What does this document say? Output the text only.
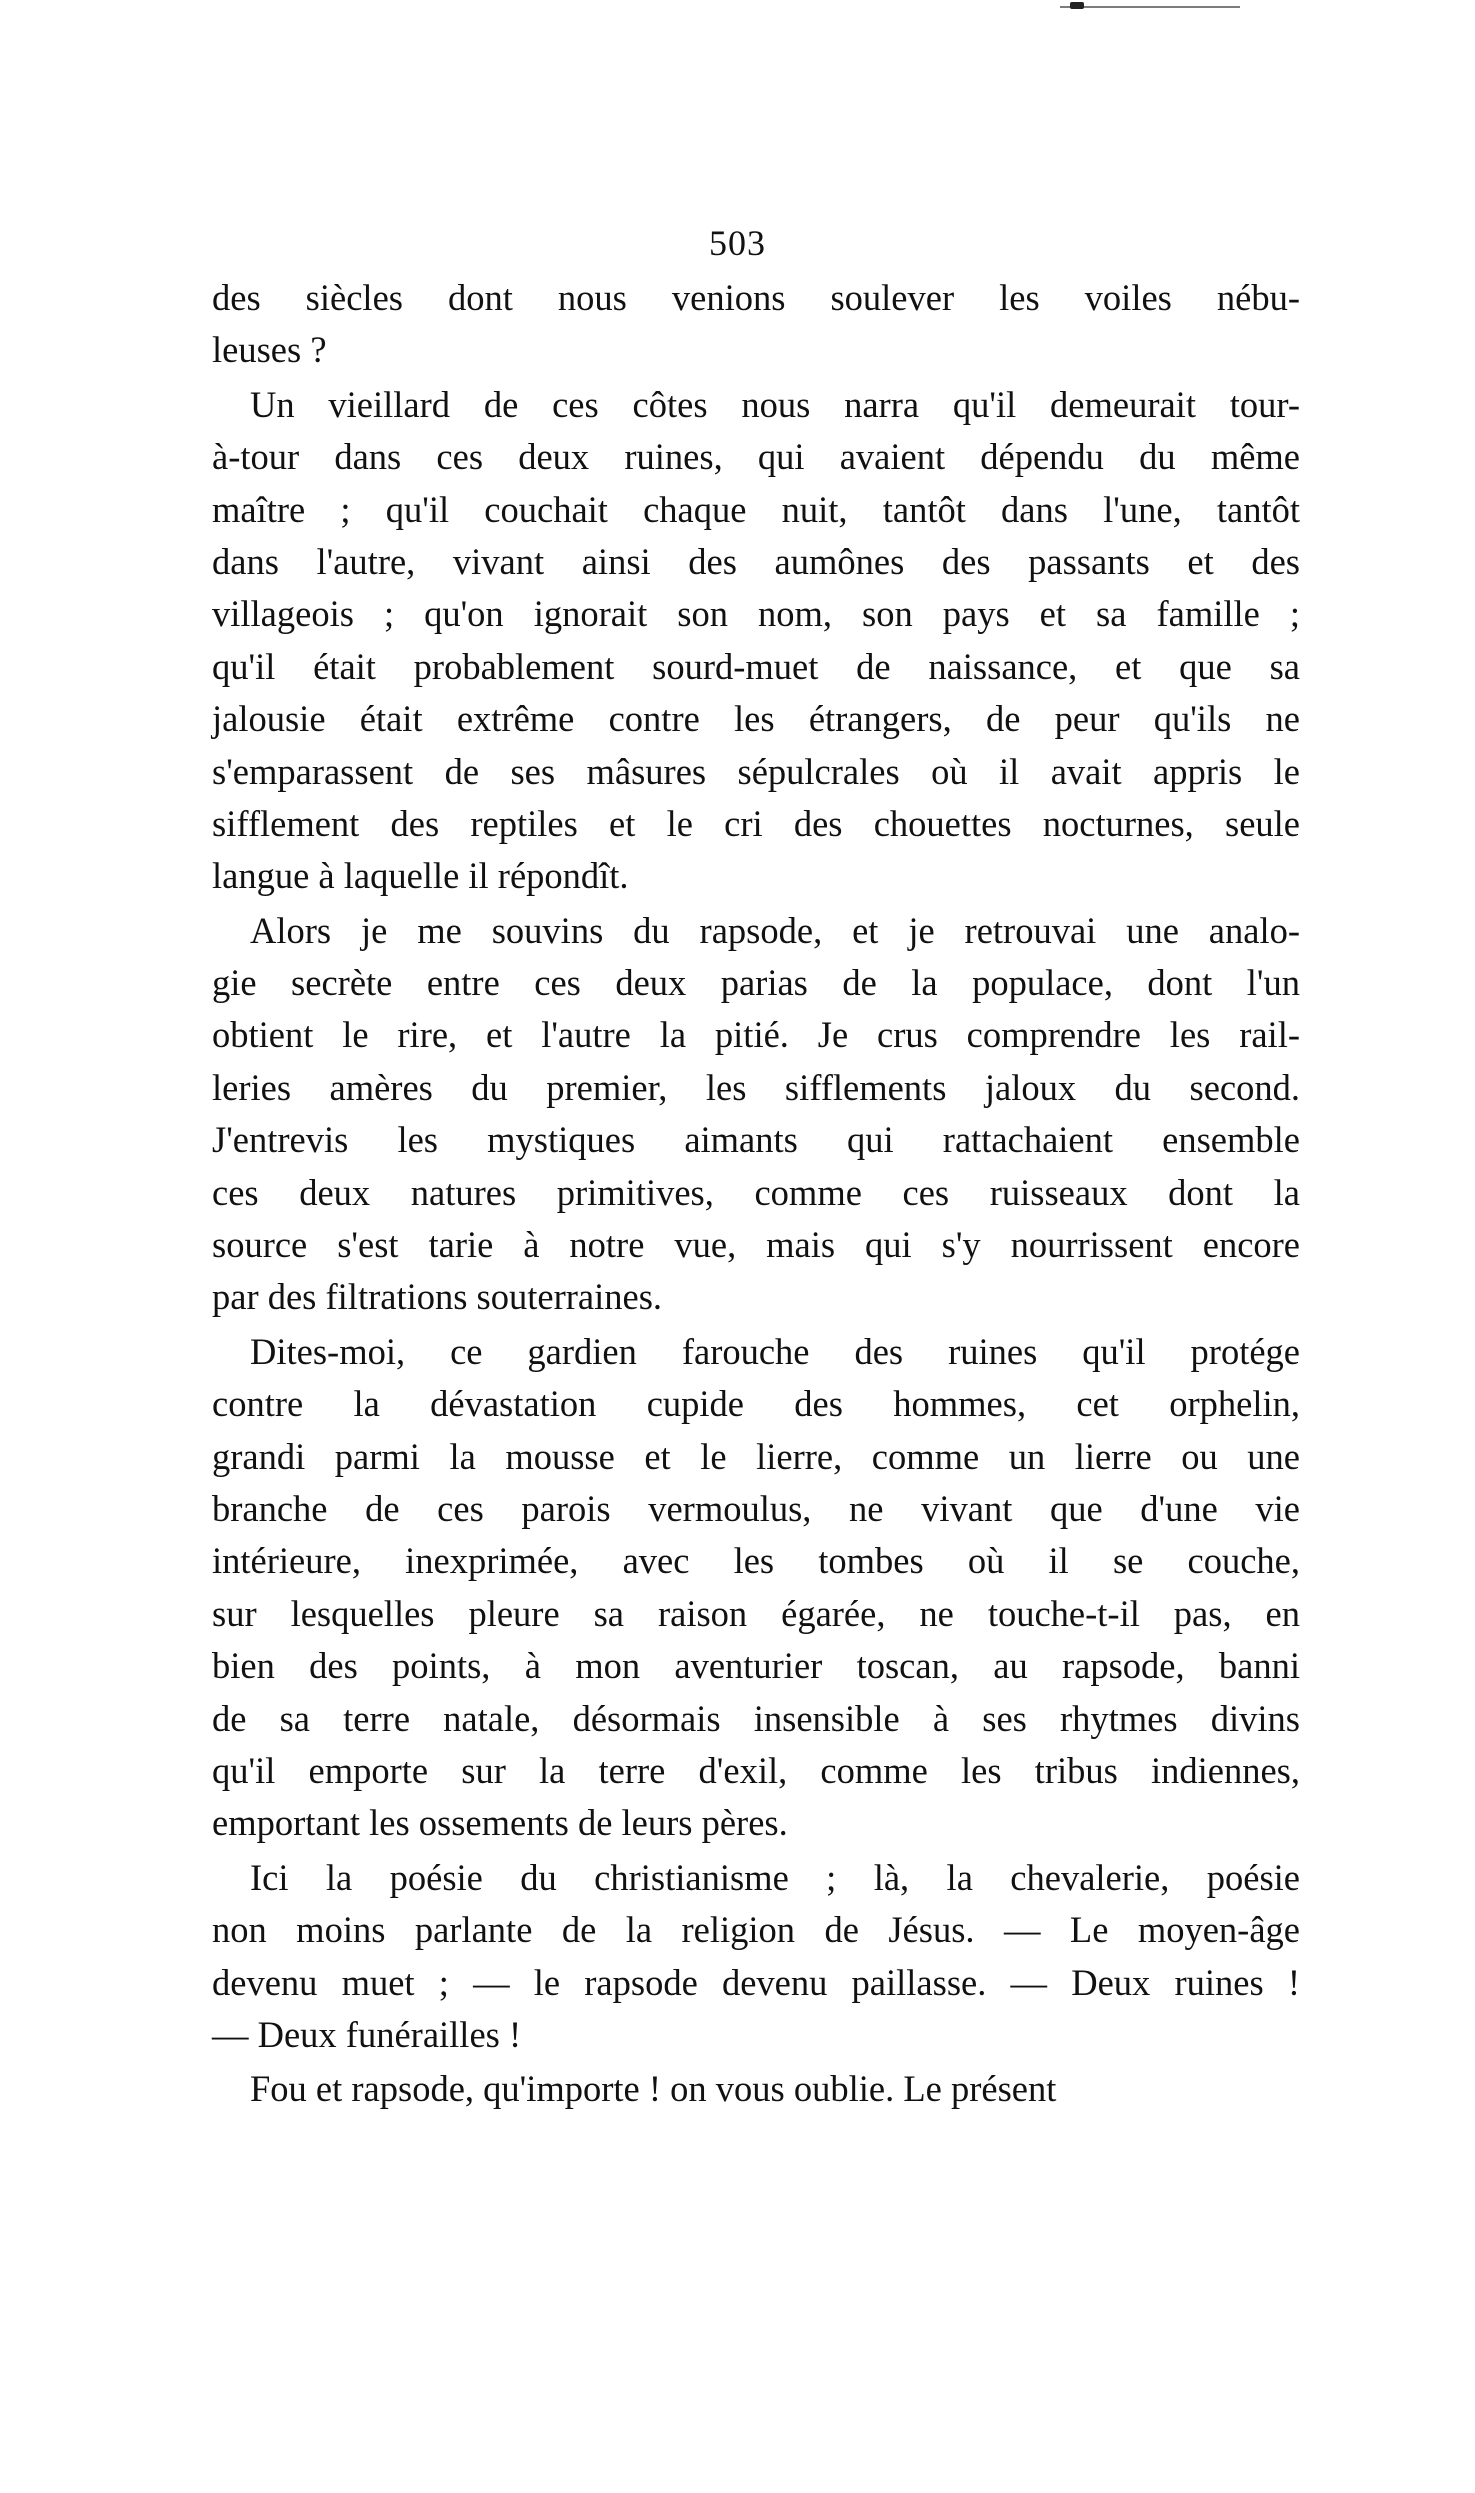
503
des siècles dont nous venions soulever les voiles nébu-
leuses ?
Un vieillard de ces côtes nous narra qu'il demeurait tour-
à-tour dans ces deux ruines, qui avaient dépendu du même
maître ; qu'il couchait chaque nuit, tantôt dans l'une, tantôt
dans l'autre, vivant ainsi des aumônes des passants et des
villageois ; qu'on ignorait son nom, son pays et sa famille ;
qu'il était probablement sourd-muet de naissance, et que sa
jalousie était extrême contre les étrangers, de peur qu'ils ne
s'emparassent de ses mâsures sépulcrales où il avait appris le
sifflement des reptiles et le cri des chouettes nocturnes, seule
langue à laquelle il répondît.
Alors je me souvins du rapsode, et je retrouvai une analo-
gie secrète entre ces deux parias de la populace, dont l'un
obtient le rire, et l'autre la pitié. Je crus comprendre les rail-
leries amères du premier, les sifflements jaloux du second.
J'entrevis les mystiques aimants qui rattachaient ensemble
ces deux natures primitives, comme ces ruisseaux dont la
source s'est tarie à notre vue, mais qui s'y nourrissent encore
par des filtrations souterraines.
Dites-moi, ce gardien farouche des ruines qu'il protége
contre la dévastation cupide des hommes, cet orphelin,
grandi parmi la mousse et le lierre, comme un lierre ou une
branche de ces parois vermoulus, ne vivant que d'une vie
intérieure, inexprimée, avec les tombes où il se couche,
sur lesquelles pleure sa raison égarée, ne touche-t-il pas, en
bien des points, à mon aventurier toscan, au rapsode, banni
de sa terre natale, désormais insensible à ses rhytmes divins
qu'il emporte sur la terre d'exil, comme les tribus indiennes,
emportant les ossements de leurs pères.
Ici la poésie du christianisme ; là, la chevalerie, poésie
non moins parlante de la religion de Jésus. — Le moyen-âge
devenu muet ; — le rapsode devenu paillasse. — Deux ruines !
— Deux funérailles !
Fou et rapsode, qu'importe ! on vous oublie. Le présent
